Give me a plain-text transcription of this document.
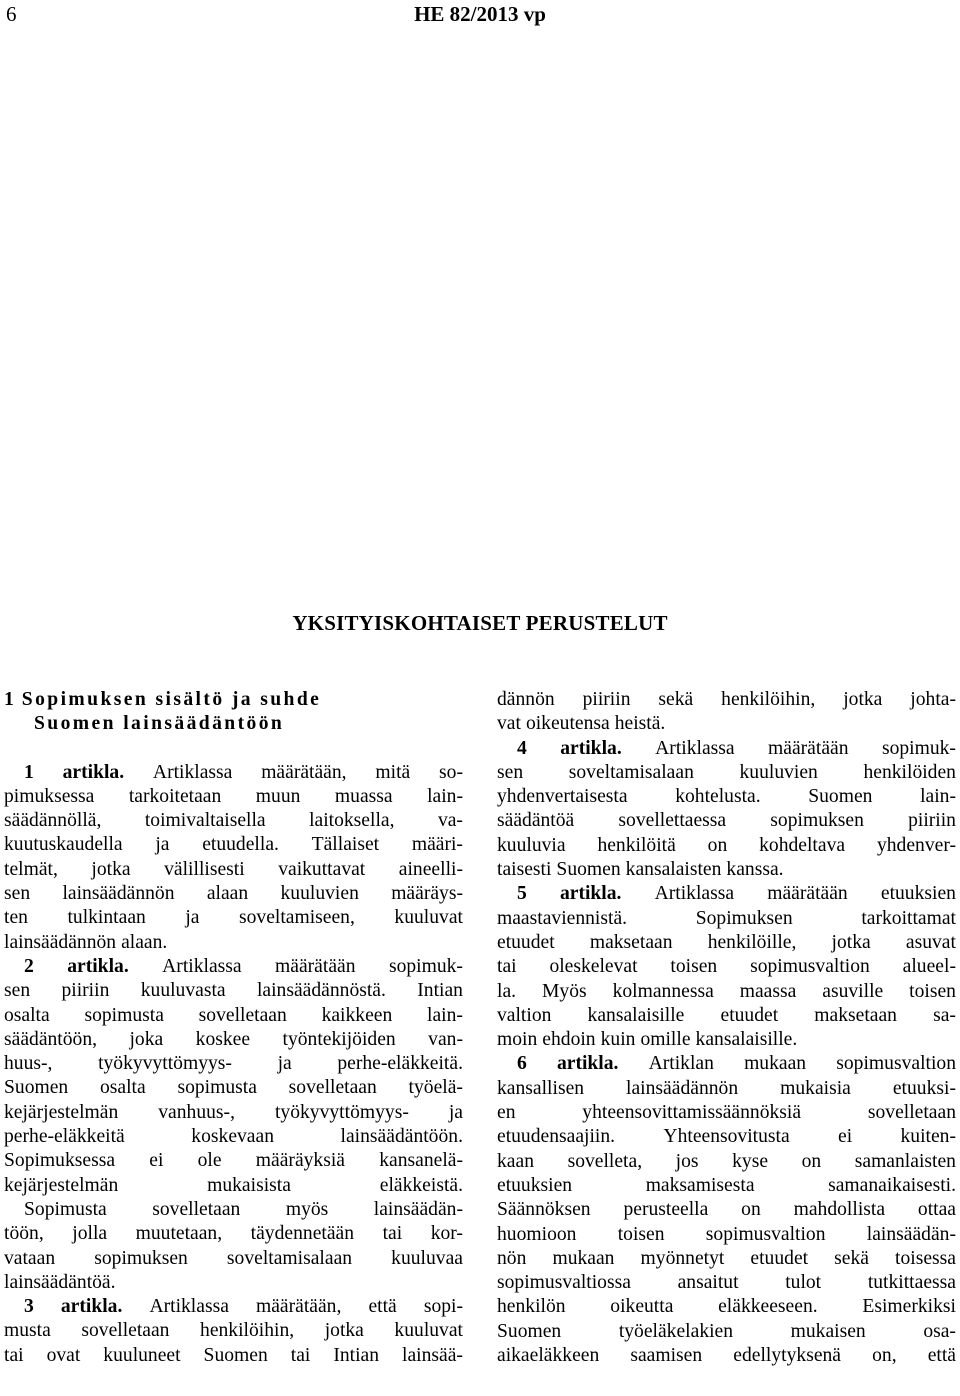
6	HE 82/2013 vp
YKSITYISKOHTAISET PERUSTELUT
1 Sopimuksen sisältö ja suhde
Suomen lainsäädäntöön
1 artikla. Artiklassa määrätään, mitä so-
pimuksessa tarkoitetaan muun muassa lain-
säädännöllä, toimivaltaisella laitoksella, va-
kuutuskaudella ja etuudella. Tällaiset määri-
telmät, jotka välillisesti vaikuttavat aineelli-
sen lainsäädännön alaan kuuluvien määräys-
ten tulkintaan ja soveltamiseen, kuuluvat
lainsäädännön alaan.
2 artikla. Artiklassa määrätään sopimuk-
sen piiriin kuuluvasta lainsäädännöstä. Intian
osalta sopimusta sovelletaan kaikkeen lain-
säädäntöön, joka koskee työntekijöiden van-
huus-, työkyvyttömyys- ja perhe-eläkkeitä.
Suomen osalta sopimusta sovelletaan työelä-
kejärjestelmän vanhuus-, työkyvyttömyys- ja
perhe-eläkkeitä	koskevaan	lainsäädäntöön.
Sopimuksessa ei ole määräyksiä kansanelä-
kejärjestelmän	mukaisista	eläkkeistä.
Sopimusta sovelletaan myös lainsäädän-
töön, jolla muutetaan, täydennetään tai kor-
vataan sopimuksen soveltamisalaan kuuluvaa
lainsäädäntöä.
3 artikla. Artiklassa määrätään, että sopi-
musta sovelletaan henkilöihin, jotka kuuluvat
tai ovat kuuluneet Suomen tai Intian lainsää-
dännön piiriin sekä henkilöihin, jotka johta-
vat oikeutensa heistä.
4 artikla. Artiklassa määrätään sopimuk-
sen soveltamisalaan kuuluvien henkilöiden
yhdenvertaisesta kohtelusta. Suomen lain-
säädäntöä sovellettaessa sopimuksen piiriin
kuuluvia henkilöitä on kohdeltava yhdenver-
taisesti Suomen kansalaisten kanssa.
5 artikla. Artiklassa määrätään etuuksien
maastaviennistä.	Sopimuksen	tarkoittamat
etuudet maksetaan henkilöille, jotka asuvat
tai oleskelevat toisen sopimusvaltion alueel-
la. Myös kolmannessa maassa asuville toisen
valtion kansalaisille etuudet maksetaan sa-
moin ehdoin kuin omille kansalaisille.
6 artikla. Artiklan mukaan sopimusvaltion
kansallisen lainsäädännön mukaisia etuuksi-
en	yhteensovittamissäännöksiä	sovelletaan
etuudensaajiin. Yhteensovitusta ei kuiten-
kaan sovelleta, jos kyse on samanlaisten
etuuksien	maksamisesta	samanaikaisesti.
Säännöksen perusteella on mahdollista ottaa
huomioon toisen sopimusvaltion lainsäädän-
nön mukaan myönnetyt etuudet sekä toisessa
sopimusvaltiossa ansaitut tulot tutkittaessa
henkilön oikeutta eläkkeeseen. Esimerkiksi
Suomen	työeläkelakien	mukaisen	osa-
aikaeläkkeen saamisen edellytyksenä on, että
